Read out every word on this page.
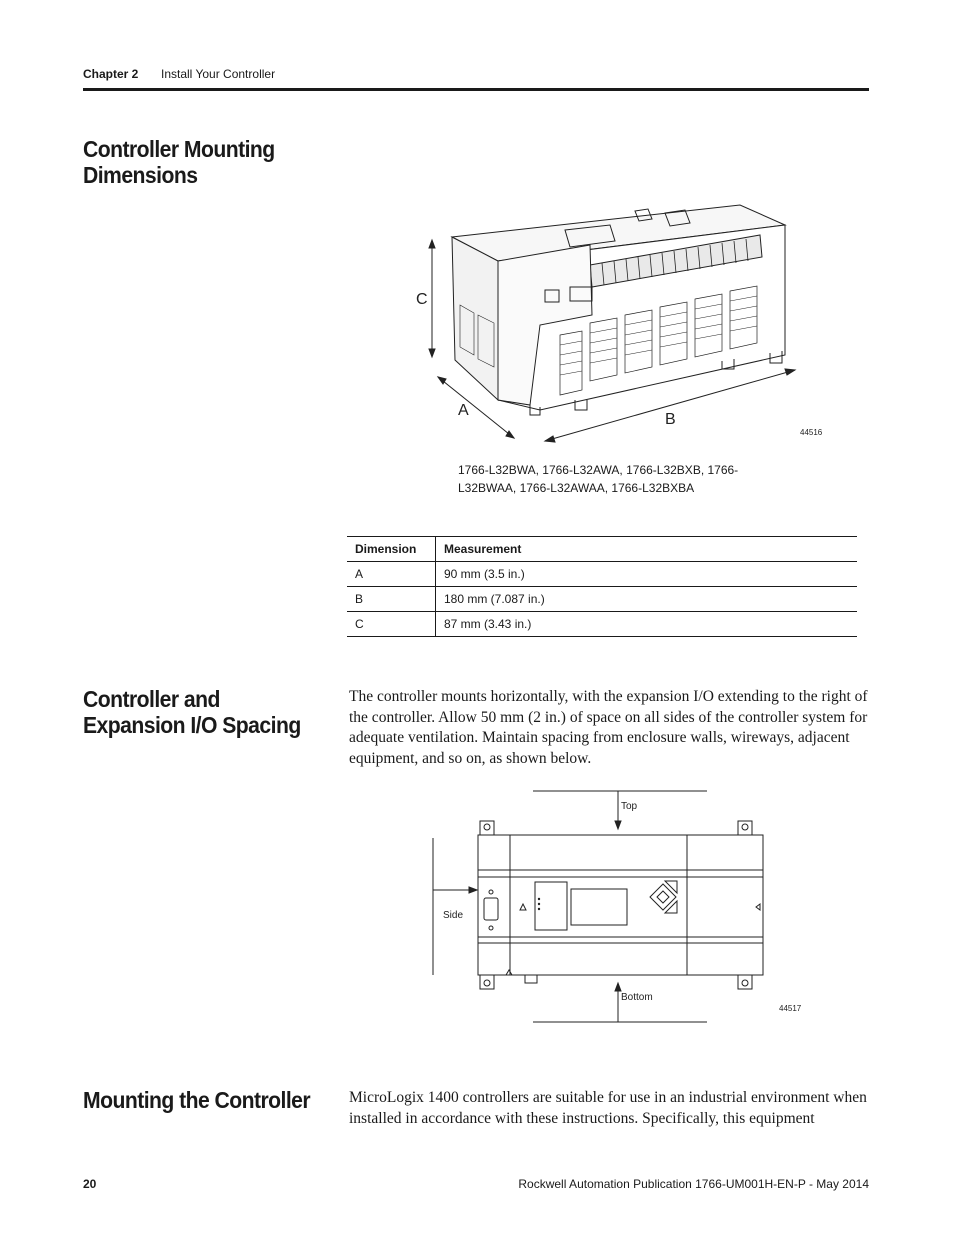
Chapter 2 Install Your Controller
Controller Mounting Dimensions
C
A
B
44516
1766-L32BWA, 1766-L32AWA, 1766-L32BXB, 1766-L32BWAA, 1766-L32AWAA, 1766-L32BXBA
Dimension	Measurement
A	90 mm (3.5 in.)
B	180 mm (7.087 in.)
C	87 mm (3.43 in.)
Controller and Expansion I/O Spacing
The controller mounts horizontally, with the expansion I/O extending to the right of the controller. Allow 50 mm (2 in.) of space on all sides of the controller system for adequate ventilation. Maintain spacing from enclosure walls, wireways, adjacent equipment, and so on, as shown below.
Top
Side
Bottom
44517
Mounting the Controller	MicroLogix 1400 controllers are suitable for use in an industrial environment when installed in accordance with these instructions. Specifically, this equipment
20	Rockwell Automation Publication 1766-UM001H-EN-P - May 2014
